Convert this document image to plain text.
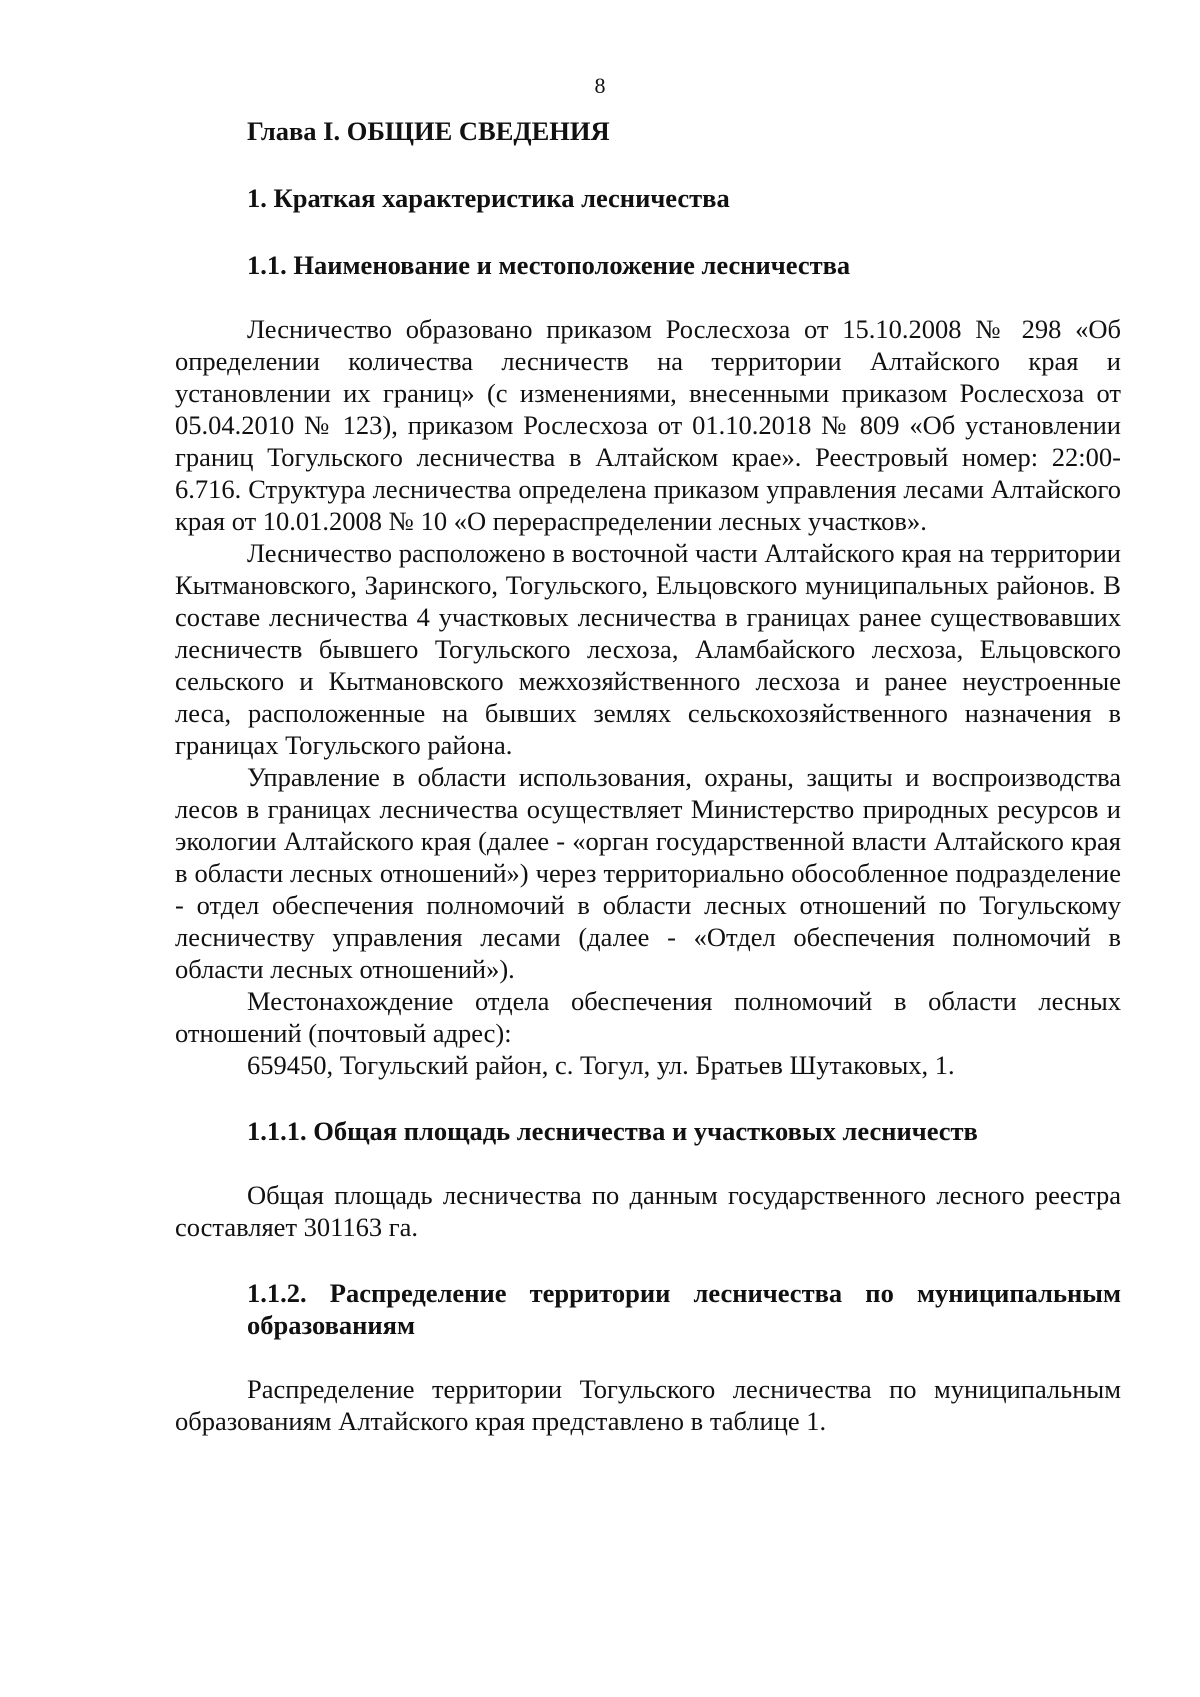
8

Глава I. ОБЩИЕ СВЕДЕНИЯ

1. Краткая характеристика лесничества

1.1. Наименование и местоположение лесничества

Лесничество образовано приказом Рослесхоза от 15.10.2008 № 298 «Об определении количества лесничеств на территории Алтайского края и установлении их границ» (с изменениями, внесенными приказом Рослесхоза от 05.04.2010 № 123), приказом Рослесхоза от 01.10.2018 № 809 «Об установлении границ Тогульского лесничества в Алтайском крае». Реестровый номер: 22:00-6.716. Структура лесничества определена приказом управления лесами Алтайского края от 10.01.2008 № 10 «О перераспределении лесных участков».

Лесничество расположено в восточной части Алтайского края на территории Кытмановского, Заринского, Тогульского, Ельцовского муниципальных районов. В составе лесничества 4 участковых лесничества в границах ранее существовавших лесничеств бывшего Тогульского лесхоза, Аламбайского лесхоза, Ельцовского сельского и Кытмановского межхозяйственного лесхоза и ранее неустроенные леса, расположенные на бывших землях сельскохозяйственного назначения в границах Тогульского района.

Управление в области использования, охраны, защиты и воспроизводства лесов в границах лесничества осуществляет Министерство природных ресурсов и экологии Алтайского края (далее - «орган государственной власти Алтайского края в области лесных отношений») через территориально обособленное подразделение - отдел обеспечения полномочий в области лесных отношений по Тогульскому лесничеству управления лесами (далее - «Отдел обеспечения полномочий в области лесных отношений»).

Местонахождение отдела обеспечения полномочий в области лесных отношений (почтовый адрес):

659450, Тогульский район, с. Тогул, ул. Братьев Шутаковых, 1.

1.1.1. Общая площадь лесничества и участковых лесничеств

Общая площадь лесничества по данным государственного лесного реестра составляет 301163 га.

1.1.2. Распределение территории лесничества по муниципальным образованиям

Распределение территории Тогульского лесничества по муниципальным образованиям Алтайского края представлено в таблице 1.
